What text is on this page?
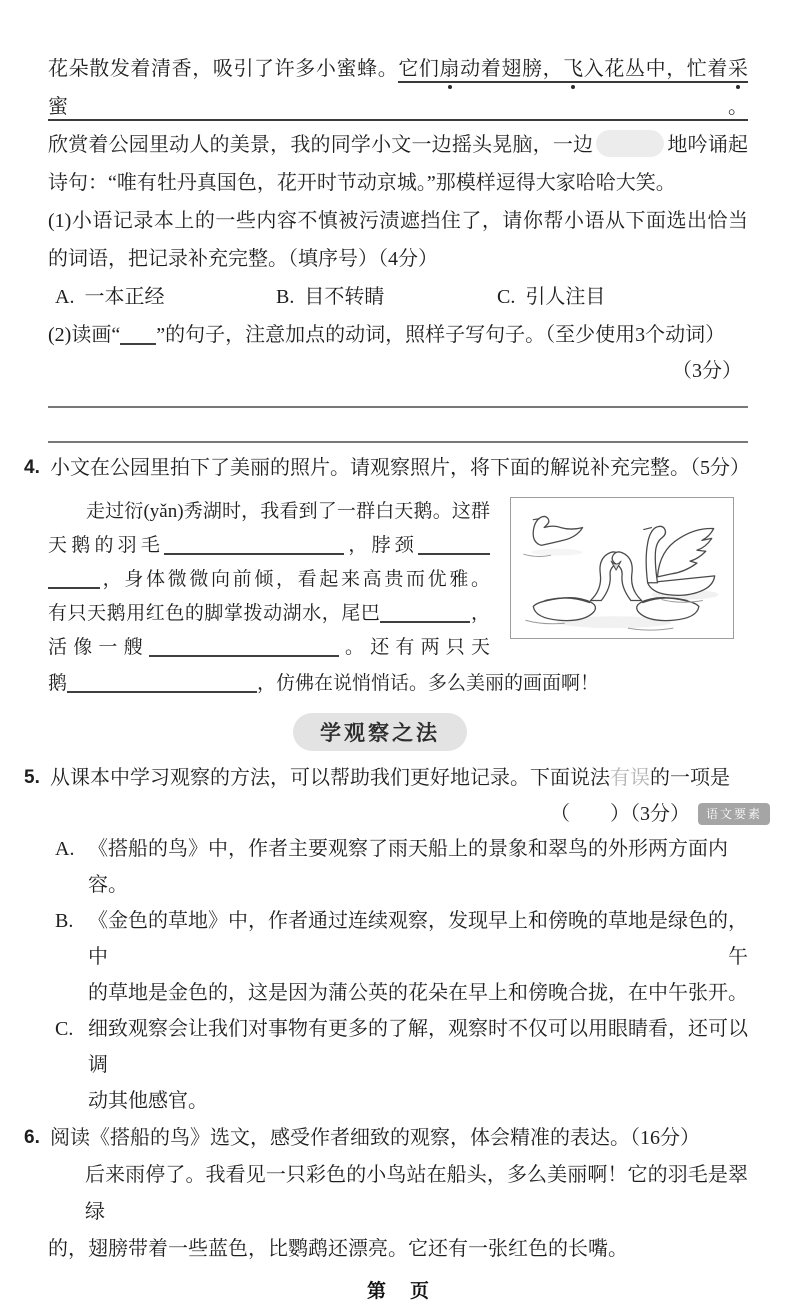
花朵散发着清香，吸引了许多小蜜蜂。它们扇动着翅膀，飞入花丛中，忙着采蜜。
欣赏着公园里动人的美景，我的同学小文一边摇头晃脑，一边	地吟诵起
诗句：“唯有牡丹真国色，花开时节动京城。”那模样逗得大家哈哈大笑。
(1)小语记录本上的一些内容不慎被污渍遮挡住了，请你帮小语从下面选出恰当
的词语，把记录补充完整。（填序号）（4分）
A. 一本正经	B. 目不转睛	C. 引人注目
(2)读画“ ”的句子，注意加点的动词，照样子写句子。（至少使用3个动词）
（3分）
4. 小文在公园里拍下了美丽的照片。请观察照片，将下面的解说补充完整。（5分）
走过衍(yǎn)秀湖时，我看到了一群白天鹅。这群
天鹅的羽毛	，脖颈
，身体微微向前倾，看起来高贵而优雅。
有只天鹅用红色的脚掌拨动湖水，尾巴	，
活像一艘	。还有两只天
鹅	，仿佛在说悄悄话。多么美丽的画面啊！
学观察之法
5. 从课本中学习观察的方法，可以帮助我们更好地记录。下面说法有误的一项是
（　　）（3分）	语文要素
A. 《搭船的鸟》中，作者主要观察了雨天船上的景象和翠鸟的外形两方面内容。
B. 《金色的草地》中，作者通过连续观察，发现早上和傍晚的草地是绿色的，中午
的草地是金色的，这是因为蒲公英的花朵在早上和傍晚合拢，在中午张开。
C. 细致观察会让我们对事物有更多的了解，观察时不仅可以用眼睛看，还可以调
动其他感官。
6. 阅读《搭船的鸟》选文，感受作者细致的观察，体会精准的表达。（16分）
后来雨停了。我看见一只彩色的小鸟站在船头，多么美丽啊！它的羽毛是翠绿
的，翅膀带着一些蓝色，比鹦鹉还漂亮。它还有一张红色的长嘴。
第 页
